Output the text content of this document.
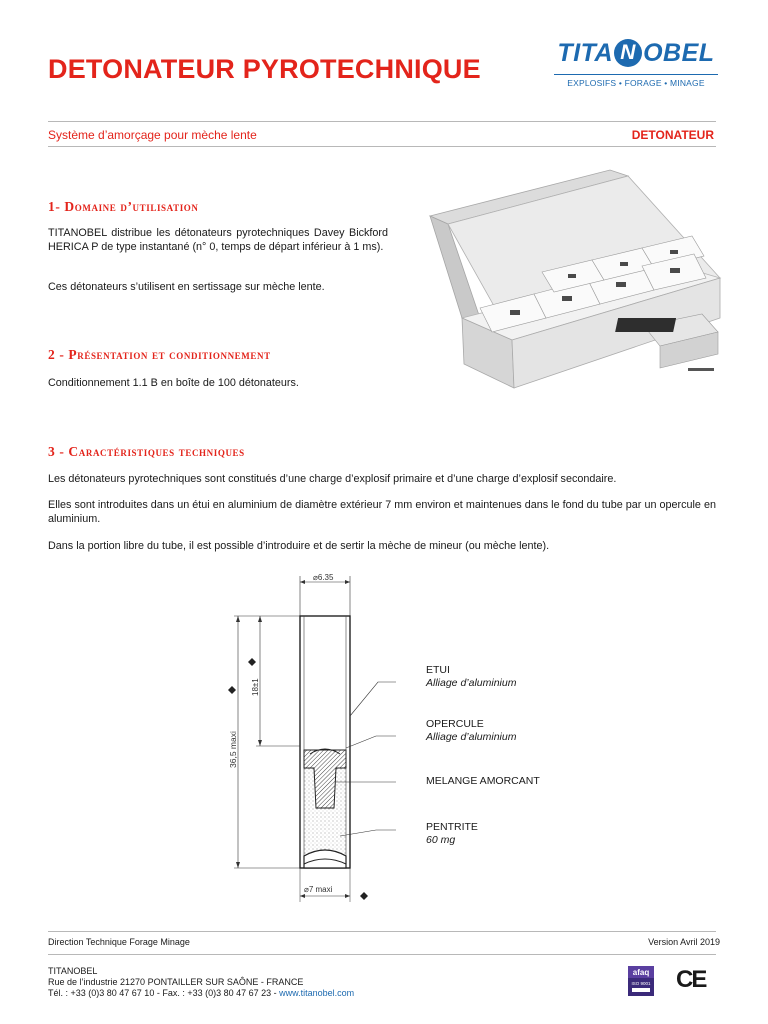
DETONATEUR PYROTECHNIQUE
TITA N OBEL
EXPLOSIFS • FORAGE • MINAGE
Système d’amorçage pour mèche lente	DETONATEUR
1- Domaine d’utilisation
TITANOBEL distribue les détonateurs pyrotechniques Davey Bickford HERICA P de type instantané (n° 0, temps de départ inférieur à 1 ms).
Ces détonateurs s’utilisent en sertissage sur mèche lente.
2 - Présentation et conditionnement
Conditionnement 1.1 B en boîte de 100 détonateurs.
3 - Caractéristiques techniques
Les détonateurs pyrotechniques sont constitués d’une charge d’explosif primaire et d’une charge d’explosif secondaire.
Elles sont introduites dans un étui en aluminium de diamètre extérieur 7 mm environ et maintenues dans le fond du tube par un opercule en aluminium.
Dans la portion libre du tube, il est possible d’introduire et de sertir la mèche de mineur (ou mèche lente).
⌀6.35
36,5 maxi
18±1
⌀7 maxi
ETUI
Alliage d’aluminium
OPERCULE
Alliage d’aluminium
MELANGE AMORCANT
PENTRITE
60 mg
Direction Technique Forage Minage	Version Avril 2019
TITANOBEL
Rue de l’industrie 21270 PONTAILLER SUR SAÔNE - FRANCE
Tél. : +33 (0)3 80 47 67 10 - Fax. : +33 (0)3 80 47 67 23 - www.titanobel.com
afaq
ISO 9001 CE
